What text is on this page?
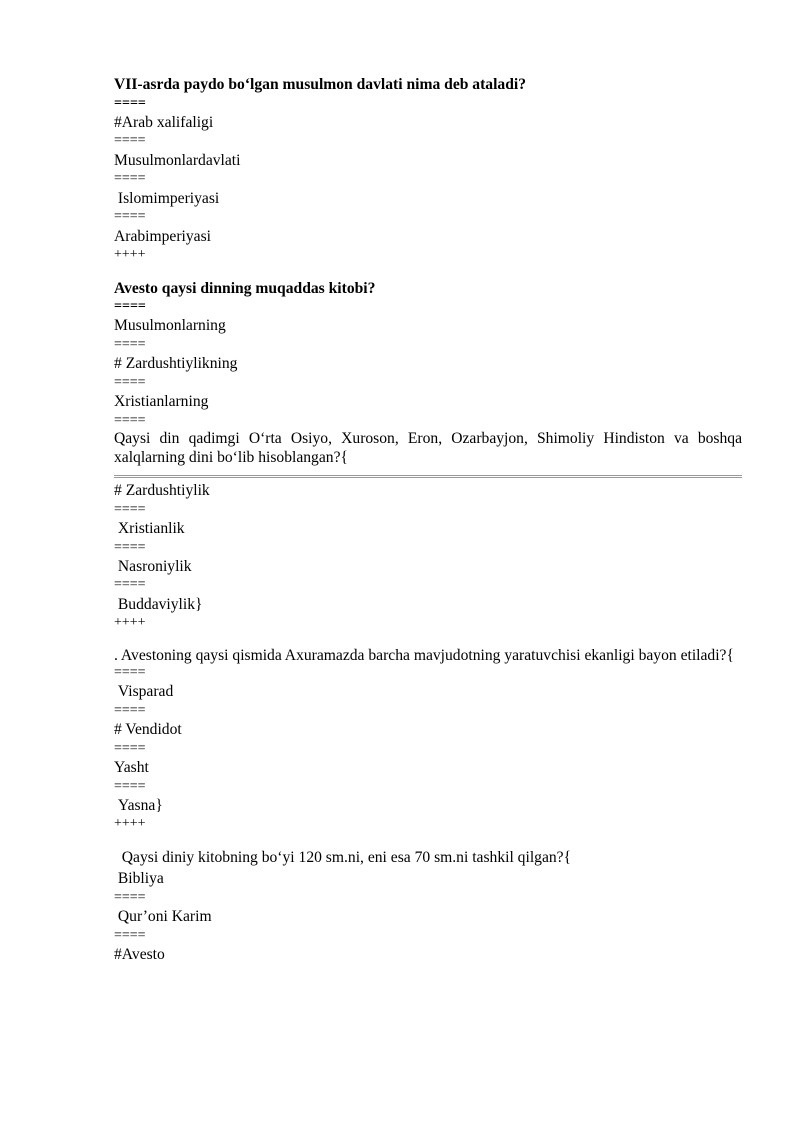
VII-asrda paydo bo‘lgan musulmon davlati nima deb ataladi?
====
#Arab xalifaligi
====
Musulmonlardavlati
====
Islomimperiyasi
====
Arabimperiyasi
++++
Avesto qaysi dinning muqaddas kitobi?
====
Musulmonlarning
====
# Zardushtiylikning
====
Xristianlarning
====
Qaysi din qadimgi O‘rta Osiyo, Xuroson, Eron, Ozarbayjon, Shimoliy Hindiston va boshqa xalqlarning dini bo‘lib hisoblangan?{
# Zardushtiylik
====
Xristianlik
====
Nasroniylik
====
Buddaviylik}
++++
. Avestoning qaysi qismida Axuramazda barcha mavjudotning yaratuvchisi ekanligi bayon etiladi?{
====
Visparad
====
# Vendidot
====
Yasht
====
Yasna}
++++
Qaysi diniy kitobning bo‘yi 120 sm.ni, eni esa 70 sm.ni tashkil qilgan?{
Bibliya
====
Qur’oni Karim
====
#Avesto
